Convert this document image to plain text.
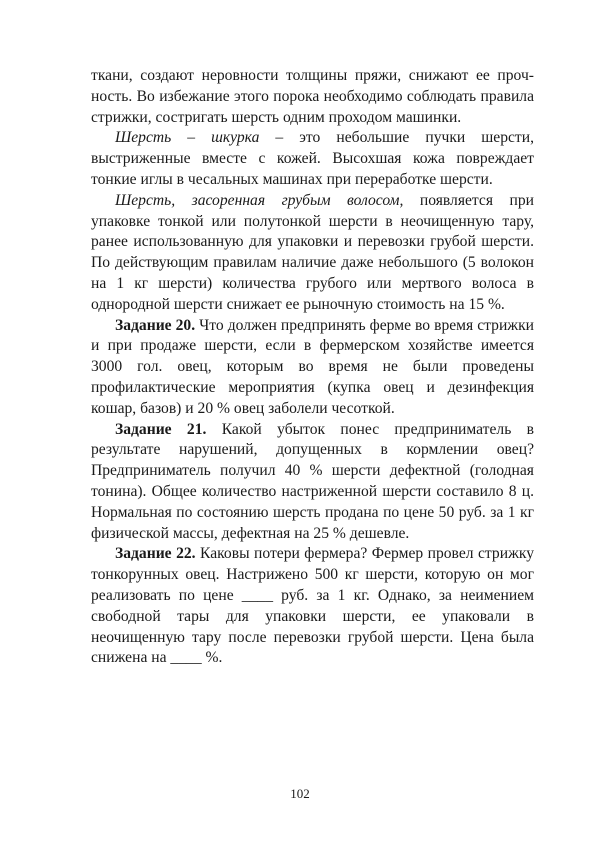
ткани, создают неровности толщины пряжи, снижают ее прочность. Во избежание этого порока необходимо соблюдать правила стрижки, состригать шерсть одним проходом машинки.

Шерсть – шкурка – это небольшие пучки шерсти, выстриженные вместе с кожей. Высохшая кожа повреждает тонкие иглы в чесальных машинах при переработке шерсти.

Шерсть, засоренная грубым волосом, появляется при упаковке тонкой или полутонкой шерсти в неочищенную тару, ранее использованную для упаковки и перевозки грубой шерсти. По действующим правилам наличие даже небольшого (5 волокон на 1 кг шерсти) количества грубого или мертвого волоса в однородной шерсти снижает ее рыночную стоимость на 15 %.

Задание 20. Что должен предпринять ферме во время стрижки и при продаже шерсти, если в фермерском хозяйстве имеется 3000 гол. овец, которым во время не были проведены профилактические мероприятия (купка овец и дезинфекция кошар, базов) и 20 % овец заболели чесоткой.

Задание 21. Какой убыток понес предприниматель в результате нарушений, допущенных в кормлении овец? Предприниматель получил 40 % шерсти дефектной (голодная тонина). Общее количество настриженной шерсти составило 8 ц. Нормальная по состоянию шерсть продана по цене 50 руб. за 1 кг физической массы, дефектная на 25 % дешевле.

Задание 22. Каковы потери фермера? Фермер провел стрижку тонкорунных овец. Настрижено 500 кг шерсти, которую он мог реализовать по цене ____ руб. за 1 кг. Однако, за неимением свободной тары для упаковки шерсти, ее упаковали в неочищенную тару после перевозки грубой шерсти. Цена была снижена на ____ %.

102
